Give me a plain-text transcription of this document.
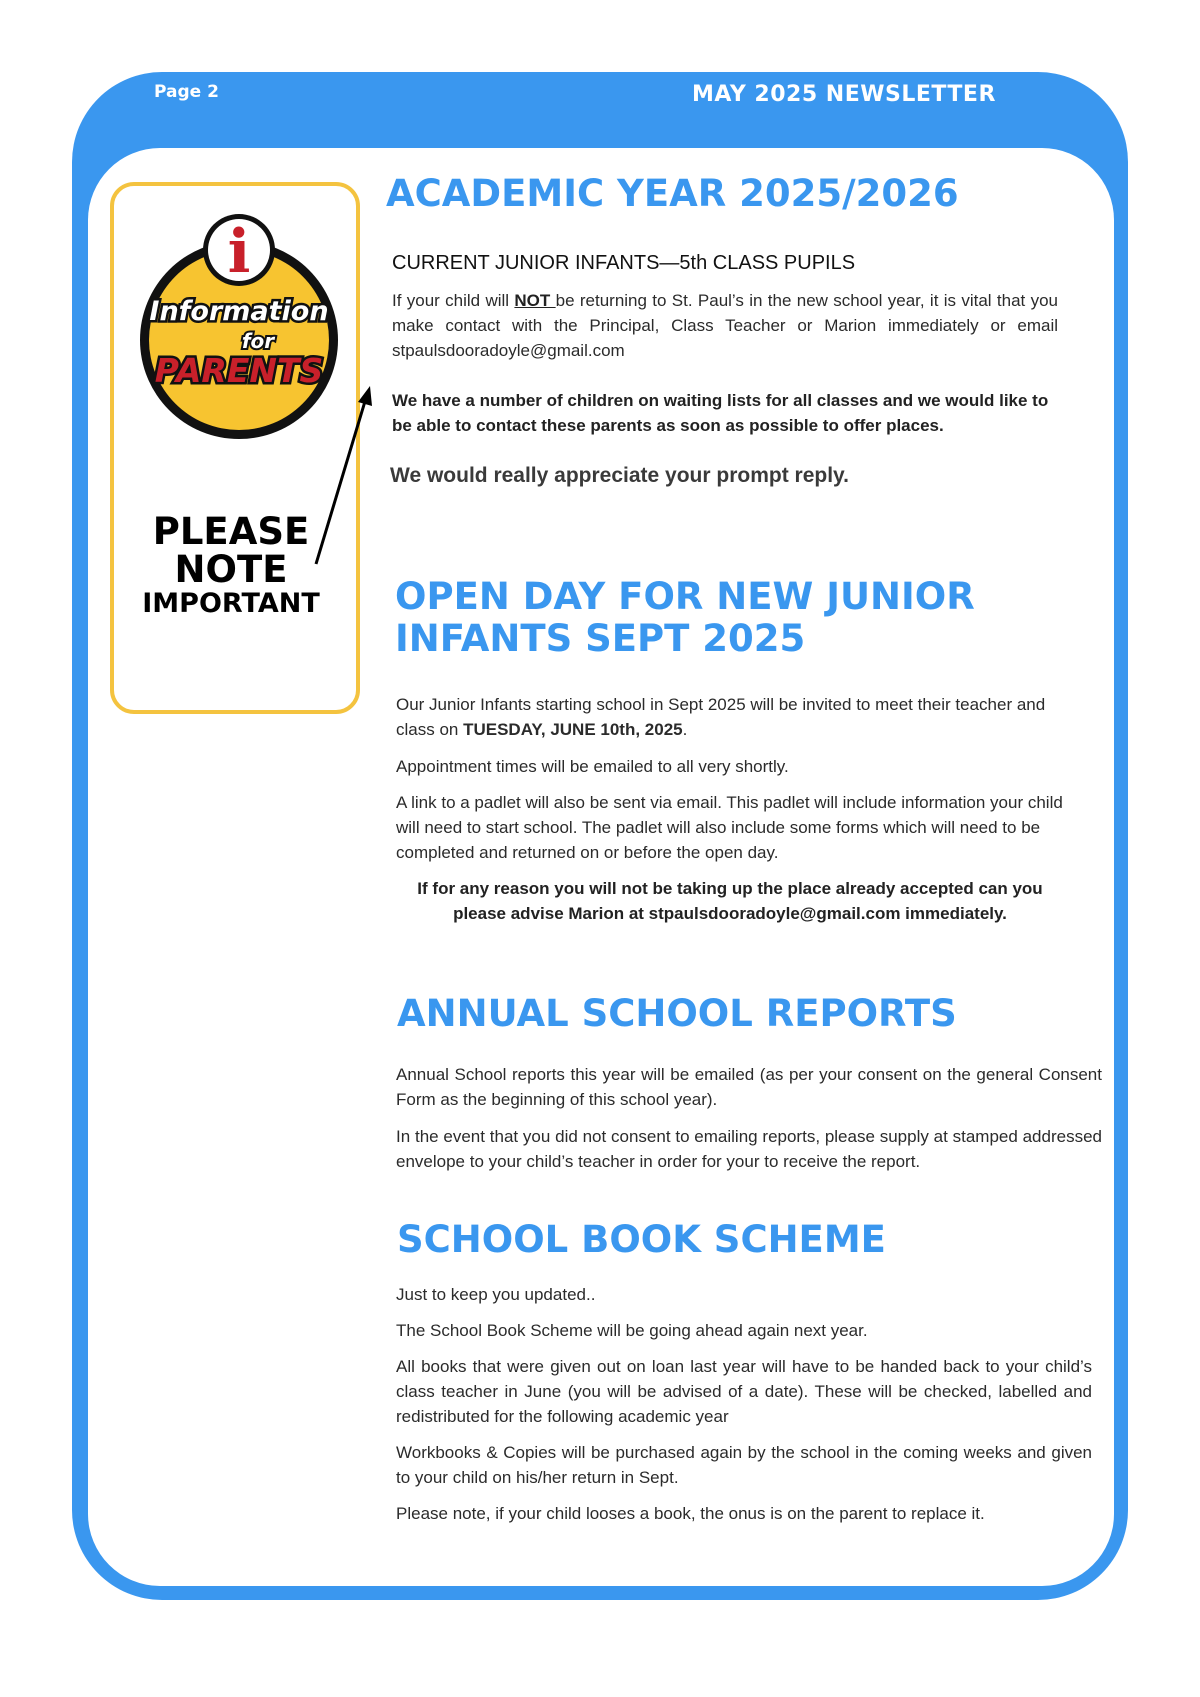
Page 2	MAY 2025 NEWSLETTER
i
Information
for
PARENTS
PLEASE
NOTE
IMPORTANT
ACADEMIC YEAR 2025/2026

CURRENT JUNIOR INFANTS—5th CLASS PUPILS

If your child will NOT be returning to St. Paul’s in the new school year, it is vital that you make contact with the Principal, Class Teacher or Marion immediately or email stpaulsdooradoyle@gmail.com

We have a number of children on waiting lists for all classes and we would like to be able to contact these parents as soon as possible to offer places.

We would really appreciate your prompt reply.

OPEN DAY FOR NEW JUNIOR
INFANTS SEPT 2025

Our Junior Infants starting school in Sept 2025 will be invited to meet their teacher and class on TUESDAY, JUNE 10th, 2025.

Appointment times will be emailed to all very shortly.

A link to a padlet will also be sent via email. This padlet will include information your child will need to start school. The padlet will also include some forms which will need to be completed and returned on or before the open day.

If for any reason you will not be taking up the place already accepted can you please advise Marion at stpaulsdooradoyle@gmail.com immediately.

ANNUAL SCHOOL REPORTS

Annual School reports this year will be emailed (as per your consent on the general Consent Form as the beginning of this school year).

In the event that you did not consent to emailing reports, please supply at stamped addressed envelope to your child’s teacher in order for your to receive the report.

SCHOOL BOOK SCHEME

Just to keep you updated..

The School Book Scheme will be going ahead again next year.

All books that were given out on loan last year will have to be handed back to your child’s class teacher in June (you will be advised of a date). These will be checked, labelled and redistributed for the following academic year

Workbooks & Copies will be purchased again by the school in the coming weeks and given to your child on his/her return in Sept.

Please note, if your child looses a book, the onus is on the parent to replace it.
